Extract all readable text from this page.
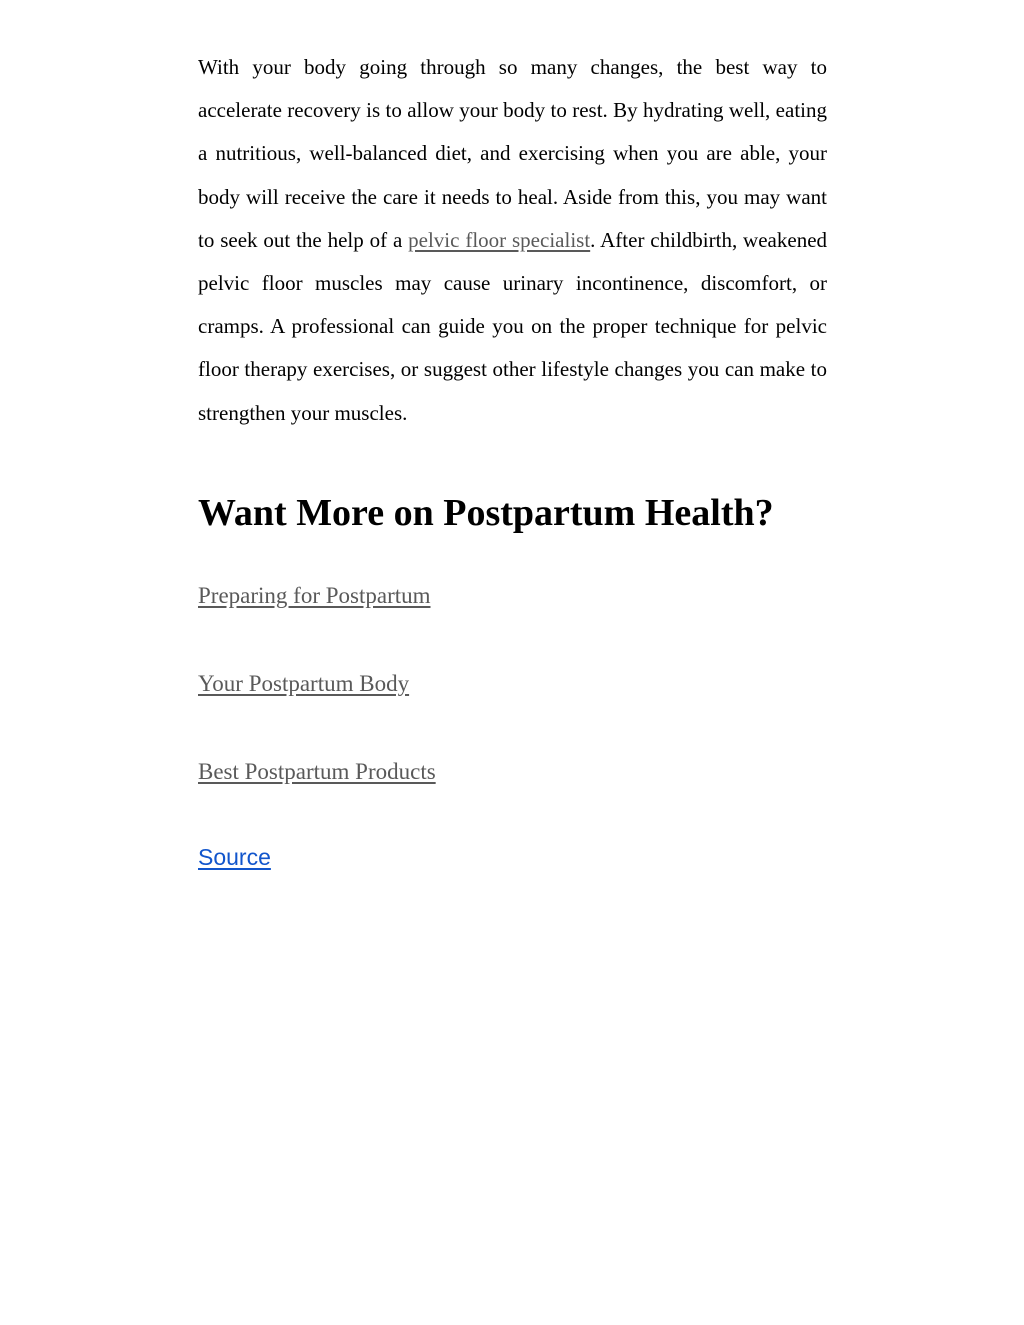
With your body going through so many changes, the best way to accelerate recovery is to allow your body to rest. By hydrating well, eating a nutritious, well-balanced diet, and exercising when you are able, your body will receive the care it needs to heal. Aside from this, you may want to seek out the help of a pelvic floor specialist. After childbirth, weakened pelvic floor muscles may cause urinary incontinence, discomfort, or cramps. A professional can guide you on the proper technique for pelvic floor therapy exercises, or suggest other lifestyle changes you can make to strengthen your muscles.

Want More on Postpartum Health?
Preparing for Postpartum
Your Postpartum Body
Best Postpartum Products
Source
